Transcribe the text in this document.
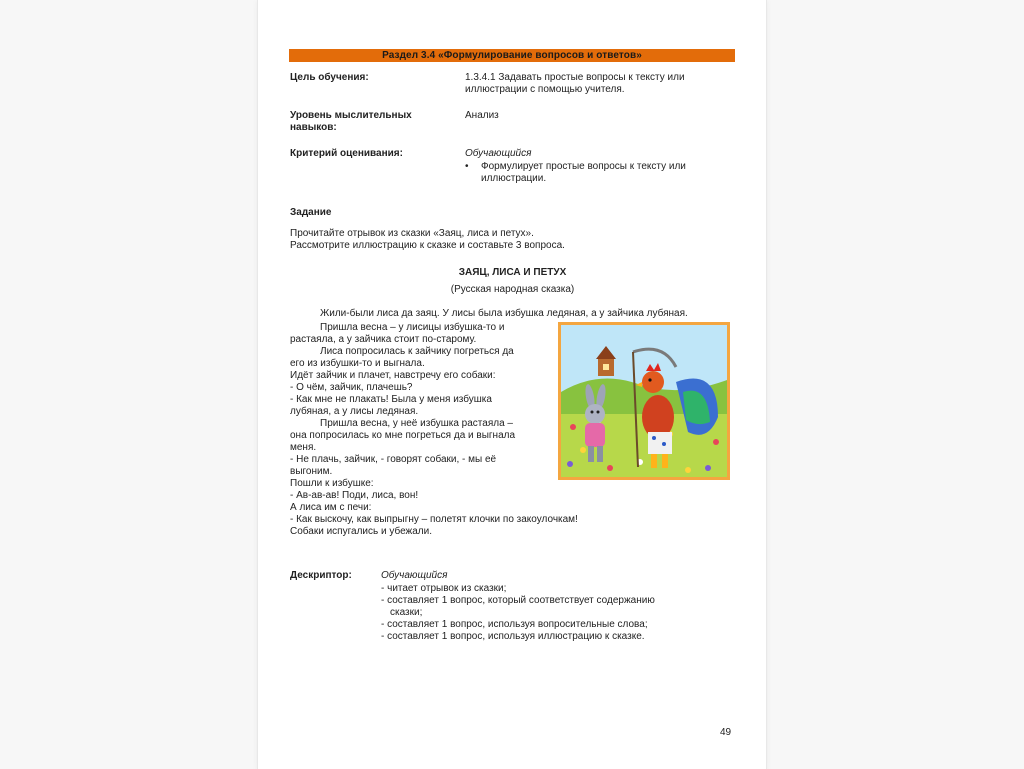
Раздел 3.4 «Формулирование вопросов и ответов»
Цель обучения:	1.3.4.1 Задавать простые вопросы к тексту или
иллюстрации с помощью учителя.
Уровень мыслительных
навыков:
Анализ
Критерий оценивания:	Обучающийся
•	Формулирует простые вопросы к тексту или
иллюстрации.
Задание
Прочитайте отрывок из сказки «Заяц, лиса и петух».
Рассмотрите иллюстрацию к сказке и составьте 3 вопроса.
ЗАЯЦ, ЛИСА И ПЕТУХ
(Русская народная сказка)
Жили-были лиса да заяц. У лисы была избушка ледяная, а у зайчика лубяная.

Пришла весна – у лисицы избушка-то и

растаяла, а у зайчика стоит по-старому.

Лиса попросилась к зайчику погреться да

его из избушки-то и выгнала.

Идёт зайчик и плачет, навстречу его собаки:

- О чём, зайчик, плачешь?

- Как мне не плакать! Была у меня избушка

лубяная, а у лисы ледяная.

Пришла весна, у неё избушка растаяла –

она попросилась ко мне погреться да и выгнала

меня.

- Не плачь, зайчик, - говорят собаки, - мы её

выгоним.

Пошли к избушке:

- Ав-ав-ав! Поди, лиса, вон!

А лиса им с печи:

- Как выскочу, как выпрыгну – полетят клочки по закоулочкам!

Собаки испугались и убежали.

Дескриптор:	Обучающийся
- читает отрывок из сказки;
- составляет 1 вопрос, который соответствует содержанию
сказки;
- составляет 1 вопрос, используя вопросительные слова;
- составляет 1 вопрос, используя иллюстрацию к сказке.
49
